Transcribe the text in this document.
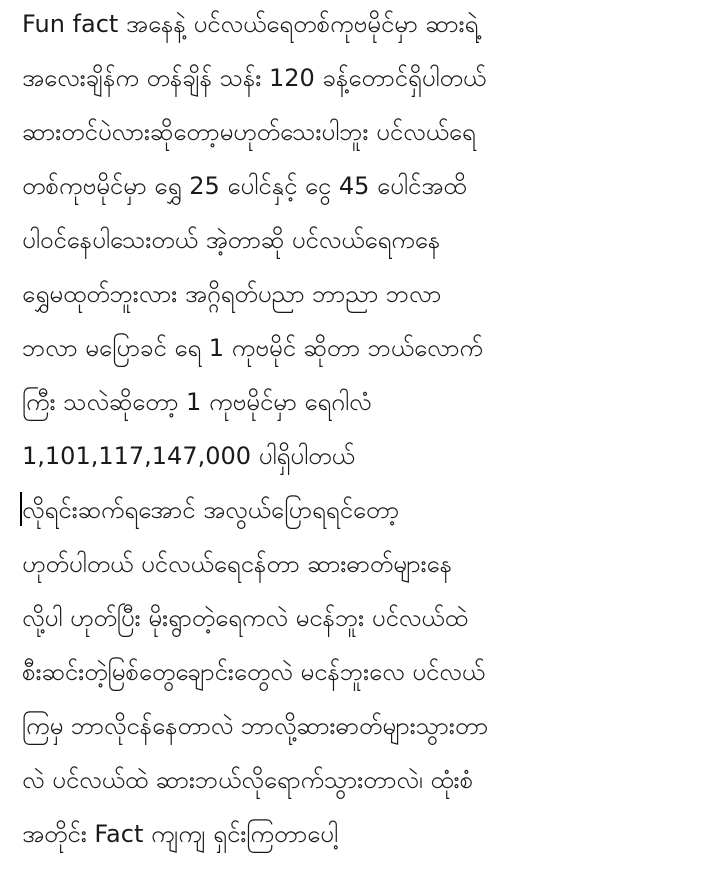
Fun fact အနေနဲ့ ပင်လယ်ရေတစ်ကုဗမိုင်မှာ ဆားရဲ့
အလေးချိန်က တန်ချိန် သန်း 120 ခန့်တောင်ရှိပါတယ်
ဆားတင်ပဲလားဆိုတော့မဟုတ်သေးပါဘူး ပင်လယ်ရေ
တစ်ကုဗမိုင်မှာ ရွှေ 25 ပေါင်နှင့် ငွေ 45 ပေါင်အထိ
ပါဝင်နေပါသေးတယ် အဲ့တာဆို ပင်လယ်ရေကနေ
ရွှေမထုတ်ဘူးလား အဂ္ဂိရတ်ပညာ ဘာညာ ဘလာ
ဘလာ မပြောခင် ရေ 1 ကုဗမိုင် ဆိုတာ ဘယ်လောက်
ကြီး သလဲဆိုတော့ 1 ကုဗမိုင်မှာ ရေဂါလံ
1,101,117,147,000 ပါရှိပါတယ်
လိုရင်းဆက်ရအောင် အလွယ်ပြောရရင်တော့
ဟုတ်ပါတယ် ပင်လယ်ရေငန်တာ ဆားဓာတ်များနေ
လို့ပါ ဟုတ်ပြီး မိုးရွာတဲ့ရေကလဲ မငန်ဘူး ပင်လယ်ထဲ
စီးဆင်းတဲ့မြစ်တွေချောင်းတွေလဲ မငန်ဘူးလေ ပင်လယ်
ကြမှ ဘာလိုငန်နေတာလဲ ဘာလို့ဆားဓာတ်များသွားတာ
လဲ ပင်လယ်ထဲ ဆားဘယ်လိုရောက်သွားတာလဲ၊ ထုံးစံ
အတိုင်း Fact ကျကျ ရှင်းကြတာပေါ့
